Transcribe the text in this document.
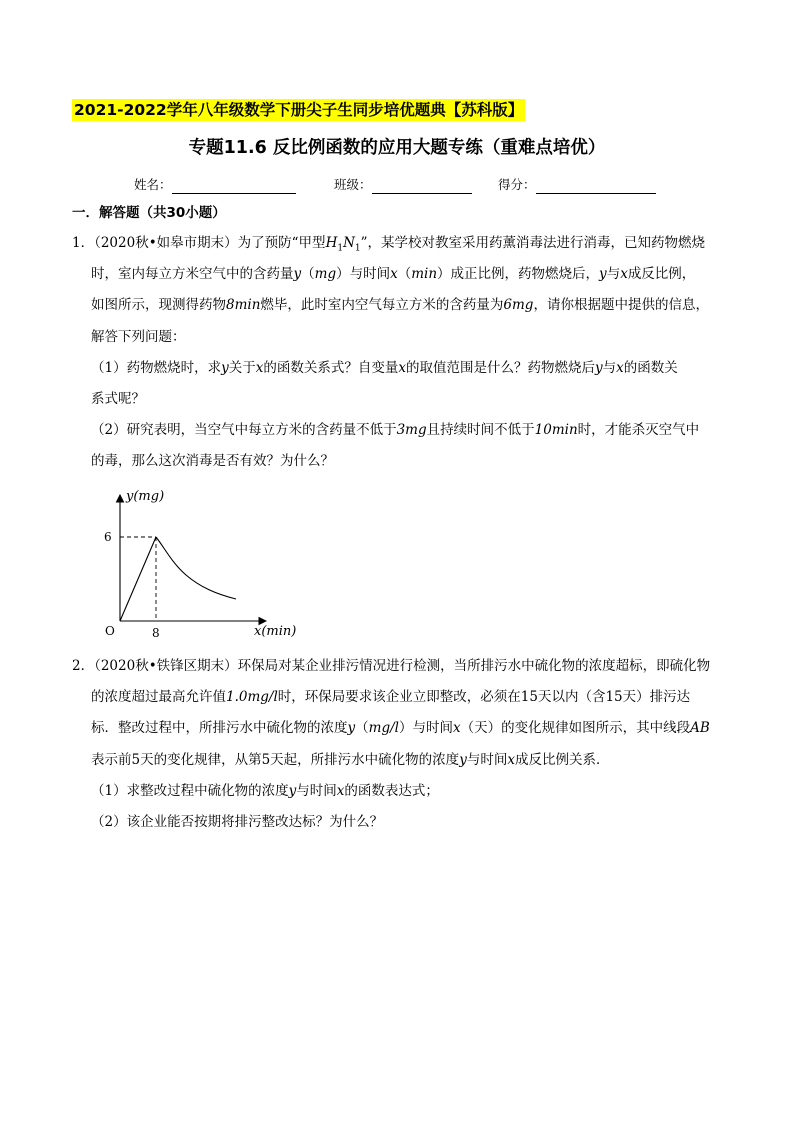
2021-2022学年八年级数学下册尖子生同步培优题典【苏科版】
专题11.6 反比例函数的应用大题专练（重难点培优）
姓名：	班级：	得分：
一．解答题（共30小题）
1．（2020秋•如皋市期末）为了预防“甲型$H_1N_1$”，某学校对教室采用药薰消毒法进行消毒，已知药物燃烧
时，室内每立方米空气中的含药量y（mg）与时间x（min）成正比例，药物燃烧后，y与x成反比例，
如图所示，现测得药物8min燃毕，此时室内空气每立方米的含药量为6mg，请你根据题中提供的信息，
解答下列问题：
（1）药物燃烧时，求y关于x的函数关系式？自变量x的取值范围是什么？药物燃烧后y与x的函数关
系式呢？
（2）研究表明，当空气中每立方米的含药量不低于3mg且持续时间不低于10min时，才能杀灭空气中
的毒，那么这次消毒是否有效？为什么？
y(mg)
x(min)
O
6
8
2．（2020秋•铁锋区期末）环保局对某企业排污情况进行检测，当所排污水中硫化物的浓度超标，即硫化物
的浓度超过最高允许值1.0mg/l时，环保局要求该企业立即整改，必须在15天以内（含15天）排污达
标．整改过程中，所排污水中硫化物的浓度y（mg/l）与时间x（天）的变化规律如图所示，其中线段AB
表示前5天的变化规律，从第5天起，所排污水中硫化物的浓度y与时间x成反比例关系．
（1）求整改过程中硫化物的浓度y与时间x的函数表达式；
（2）该企业能否按期将排污整改达标？为什么？
